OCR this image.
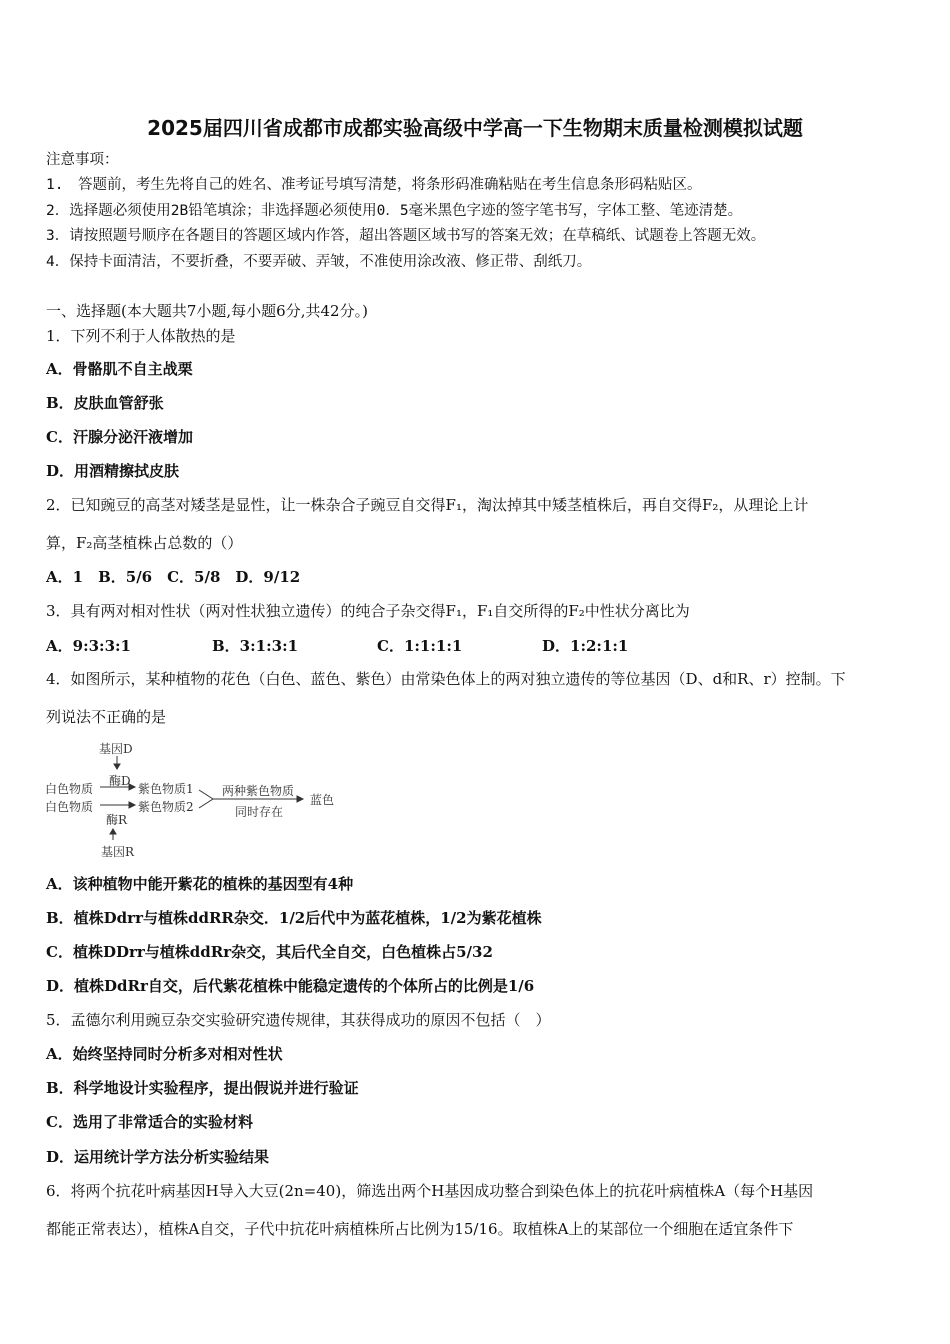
2025届四川省成都市成都实验高级中学高一下生物期末质量检测模拟试题
注意事项：
1.　答题前，考生先将自己的姓名、准考证号填写清楚，将条形码准确粘贴在考生信息条形码粘贴区。
2．选择题必须使用2B铅笔填涂；非选择题必须使用0．5毫米黑色字迹的签字笔书写，字体工整、笔迹清楚。
3．请按照题号顺序在各题目的答题区域内作答，超出答题区域书写的答案无效；在草稿纸、试题卷上答题无效。
4．保持卡面清洁，不要折叠，不要弄破、弄皱，不准使用涂改液、修正带、刮纸刀。
一、选择题(本大题共7小题,每小题6分,共42分。)
1．下列不利于人体散热的是
A．骨骼肌不自主战栗
B．皮肤血管舒张
C．汗腺分泌汗液增加
D．用酒精擦拭皮肤
2．已知豌豆的高茎对矮茎是显性，让一株杂合子豌豆自交得F₁，淘汰掉其中矮茎植株后，再自交得F₂，从理论上计
算，F₂高茎植株占总数的（）
A．1　B．5/6　C．5/8　D．9/12
3．具有两对相对性状（两对性状独立遗传）的纯合子杂交得F₁，F₁自交所得的F₂中性状分离比为
A．9:3:3:1	B．3:1:3:1	C．1:1:1:1	D．1:2:1:1
4．如图所示，某种植物的花色（白色、蓝色、紫色）由常染色体上的两对独立遗传的等位基因（D、d和R、r）控制。下
列说法不正确的是
基因D
酶D
白色物质
白色物质
紫色物质1
紫色物质2
酶R
基因R
两种紫色物质
同时存在
蓝色
A．该种植物中能开紫花的植株的基因型有4种
B．植株Ddrr与植株ddRR杂交．1/2后代中为蓝花植株，1/2为紫花植株
C．植株DDrr与植株ddRr杂交，其后代全自交，白色植株占5/32
D．植株DdRr自交，后代紫花植株中能稳定遗传的个体所占的比例是1/6
5．孟德尔利用豌豆杂交实验研究遗传规律，其获得成功的原因不包括（　）
A．始终坚持同时分析多对相对性状
B．科学地设计实验程序，提出假说并进行验证
C．选用了非常适合的实验材料
D．运用统计学方法分析实验结果
6．将两个抗花叶病基因H导入大豆(2n=40)，筛选出两个H基因成功整合到染色体上的抗花叶病植株A（每个H基因
都能正常表达），植株A自交，子代中抗花叶病植株所占比例为15/16。取植株A上的某部位一个细胞在适宜条件下
